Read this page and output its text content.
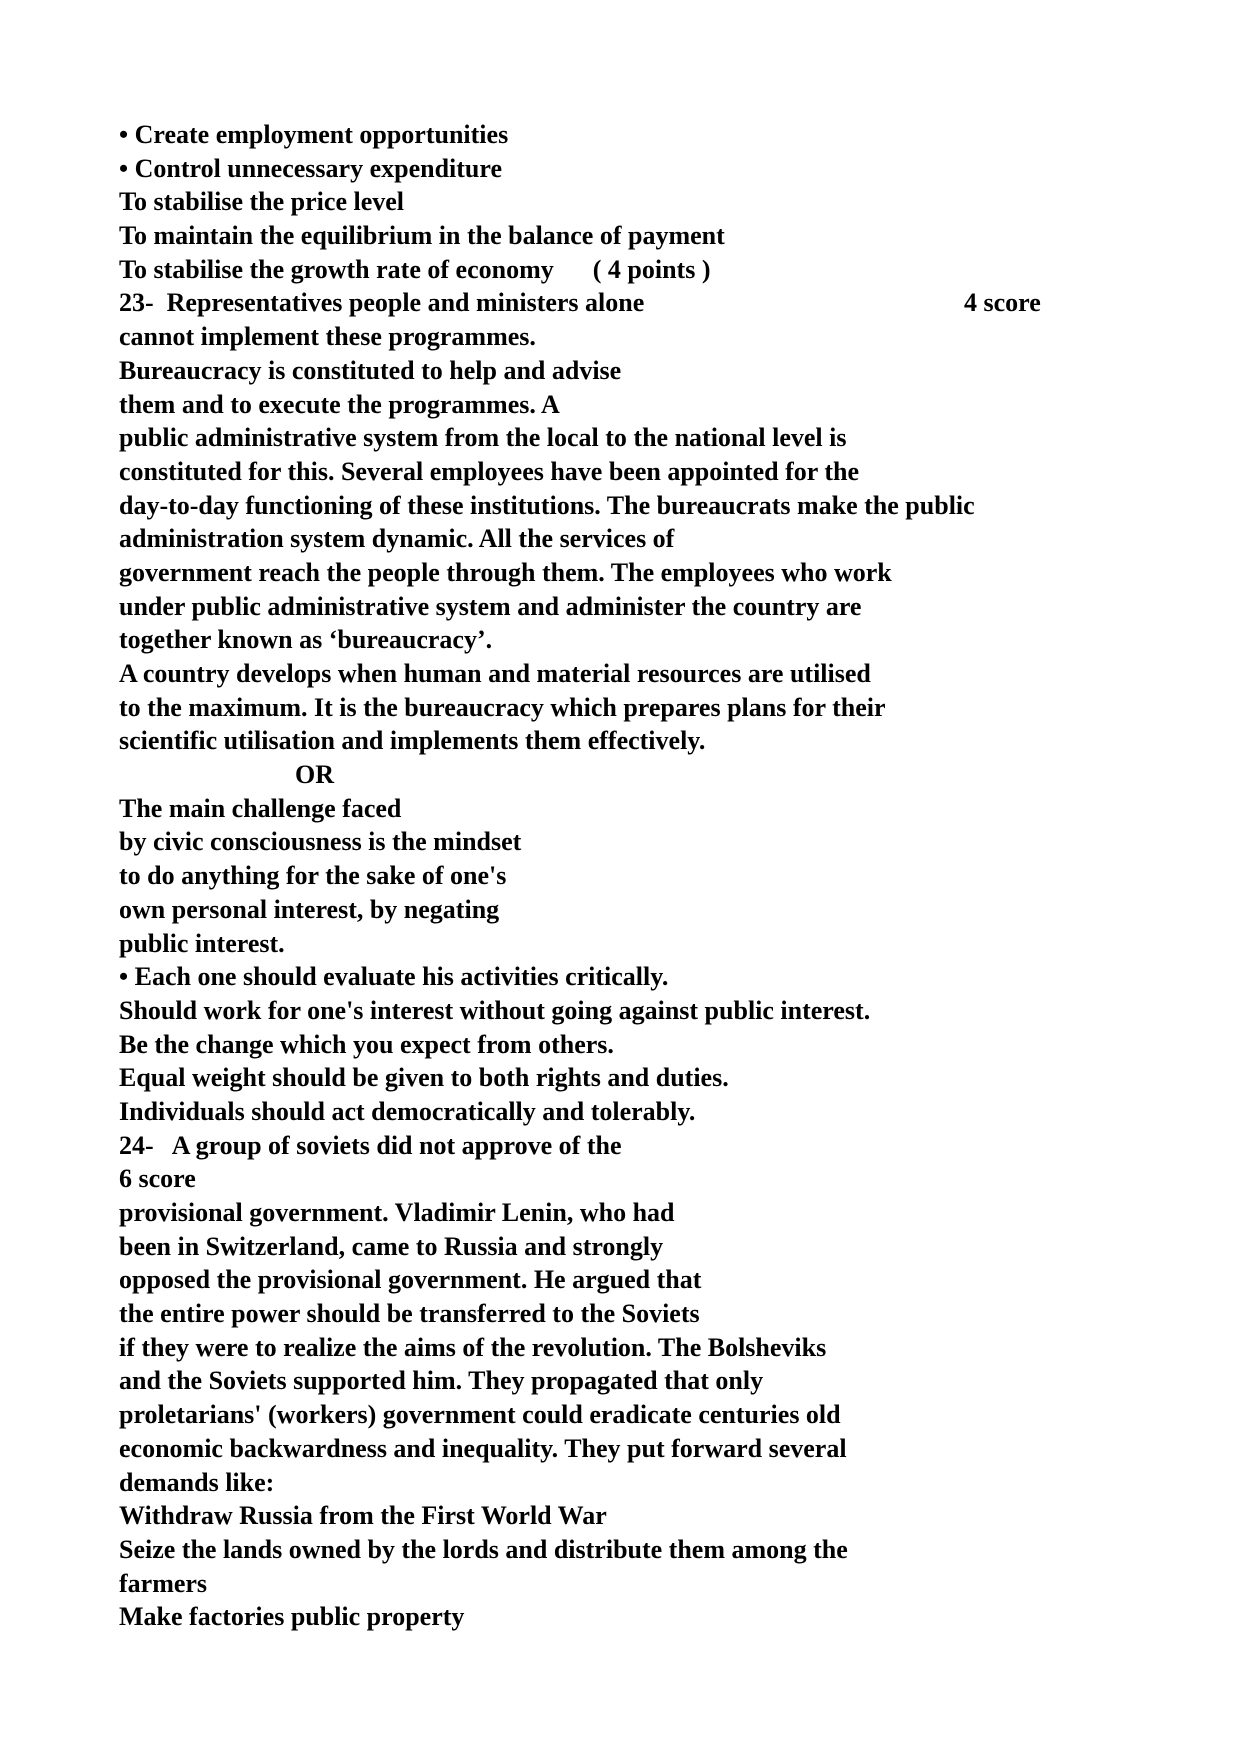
• Create employment opportunities
• Control unnecessary expenditure
To stabilise the price level
To maintain the equilibrium in the balance of payment
To stabilise the growth rate of economy      ( 4 points )
23-  Representatives people and ministers alone	4 score
cannot implement these programmes.
Bureaucracy is constituted to help and advise
them and to execute the programmes. A
public administrative system from the local to the national level is
constituted for this. Several employees have been appointed for the
day-to-day functioning of these institutions. The bureaucrats make the public
administration system dynamic. All the services of
government reach the people through them. The employees who work
under public administrative system and administer the country are
together known as ‘bureaucracy’.
A country develops when human and material resources are utilised
to the maximum. It is the bureaucracy which prepares plans for their
scientific utilisation and implements them effectively.
OR
The main challenge faced
by civic consciousness is the mindset
to do anything for the sake of one's
own personal interest, by negating
public interest.
• Each one should evaluate his activities critically.
Should work for one's interest without going against public interest.
Be the change which you expect from others.
Equal weight should be given to both rights and duties.
Individuals should act democratically and tolerably.
24-   A group of soviets did not approve of the
6 score
provisional government. Vladimir Lenin, who had
been in Switzerland, came to Russia and strongly
opposed the provisional government. He argued that
the entire power should be transferred to the Soviets
if they were to realize the aims of the revolution. The Bolsheviks
and the Soviets supported him. They propagated that only
proletarians' (workers) government could eradicate centuries old
economic backwardness and inequality. They put forward several
demands like:
Withdraw Russia from the First World War
Seize the lands owned by the lords and distribute them among the
farmers
Make factories public property
